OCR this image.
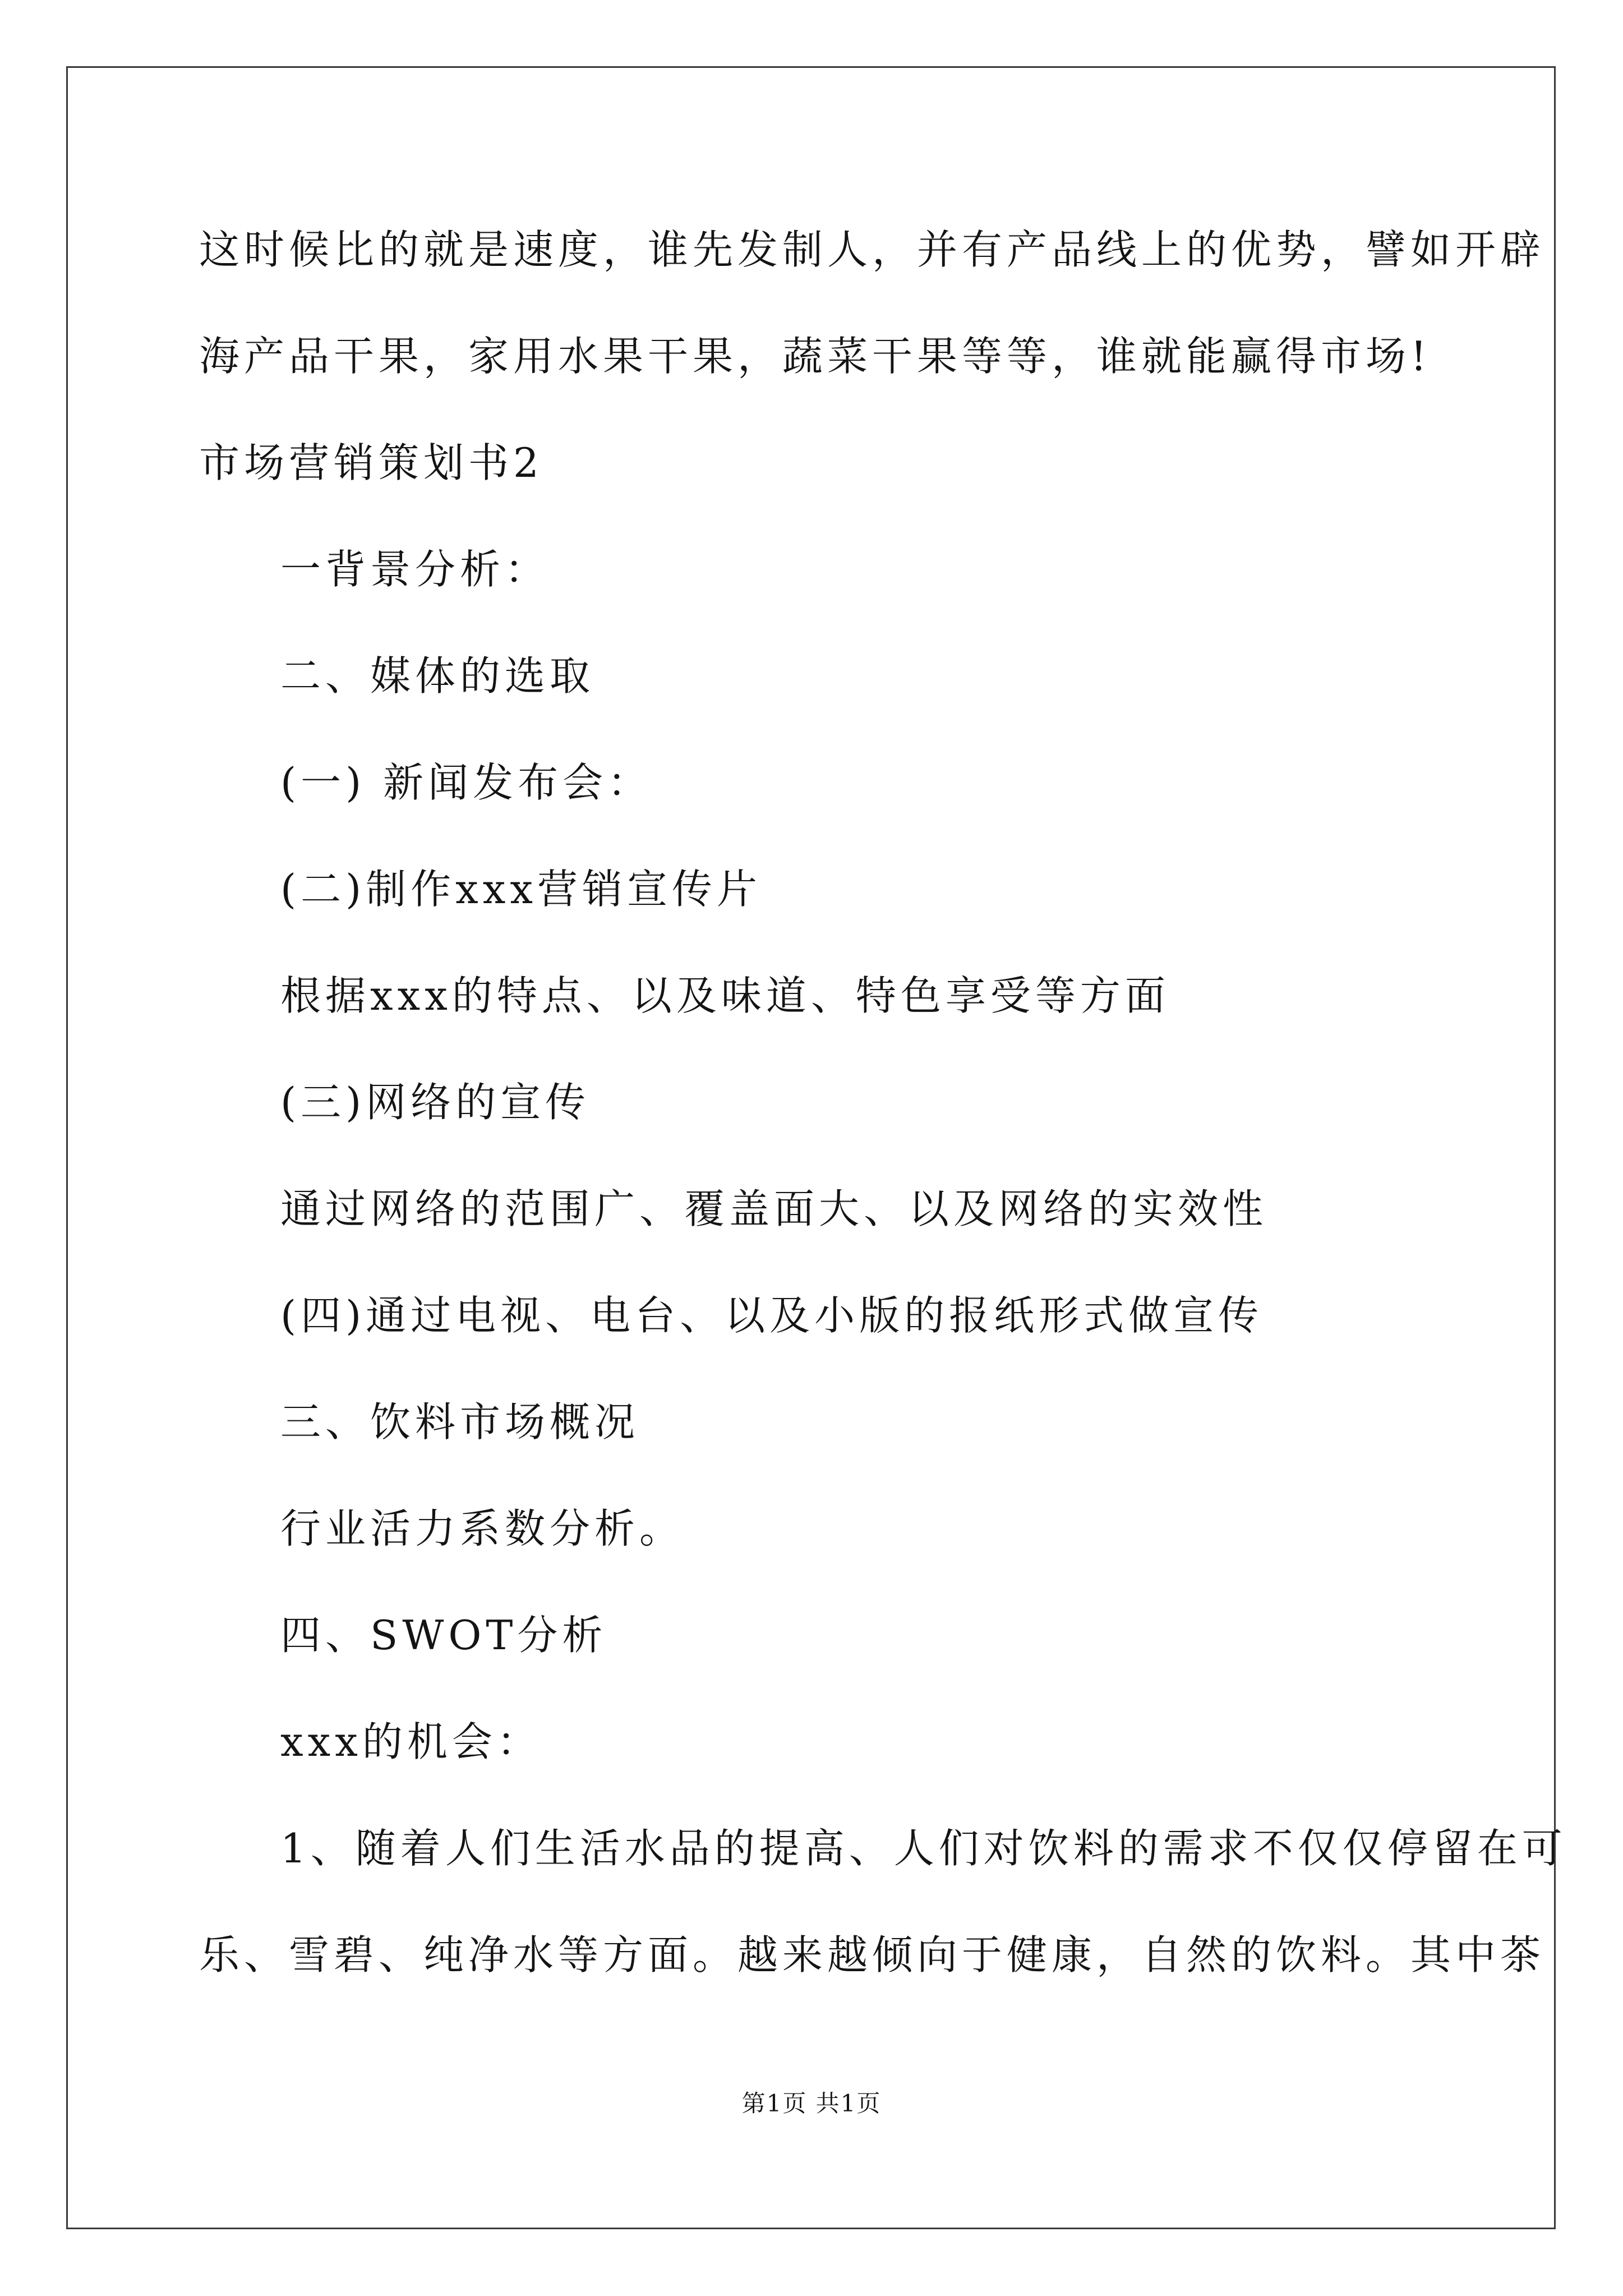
这时候比的就是速度，谁先发制人，并有产品线上的优势，譬如开辟
海产品干果，家用水果干果，蔬菜干果等等，谁就能赢得市场!
市场营销策划书2
一背景分析：
二、媒体的选取
(一) 新闻发布会：
(二)制作xxx营销宣传片
根据xxx的特点、以及味道、特色享受等方面
(三)网络的宣传
通过网络的范围广、覆盖面大、以及网络的实效性
(四)通过电视、电台、以及小版的报纸形式做宣传
三、饮料市场概况
行业活力系数分析。
四、SWOT分析
xxx的机会：
1、随着人们生活水品的提高、人们对饮料的需求不仅仅停留在可
乐、雪碧、纯净水等方面。越来越倾向于健康，自然的饮料。其中茶
第1页 共1页
